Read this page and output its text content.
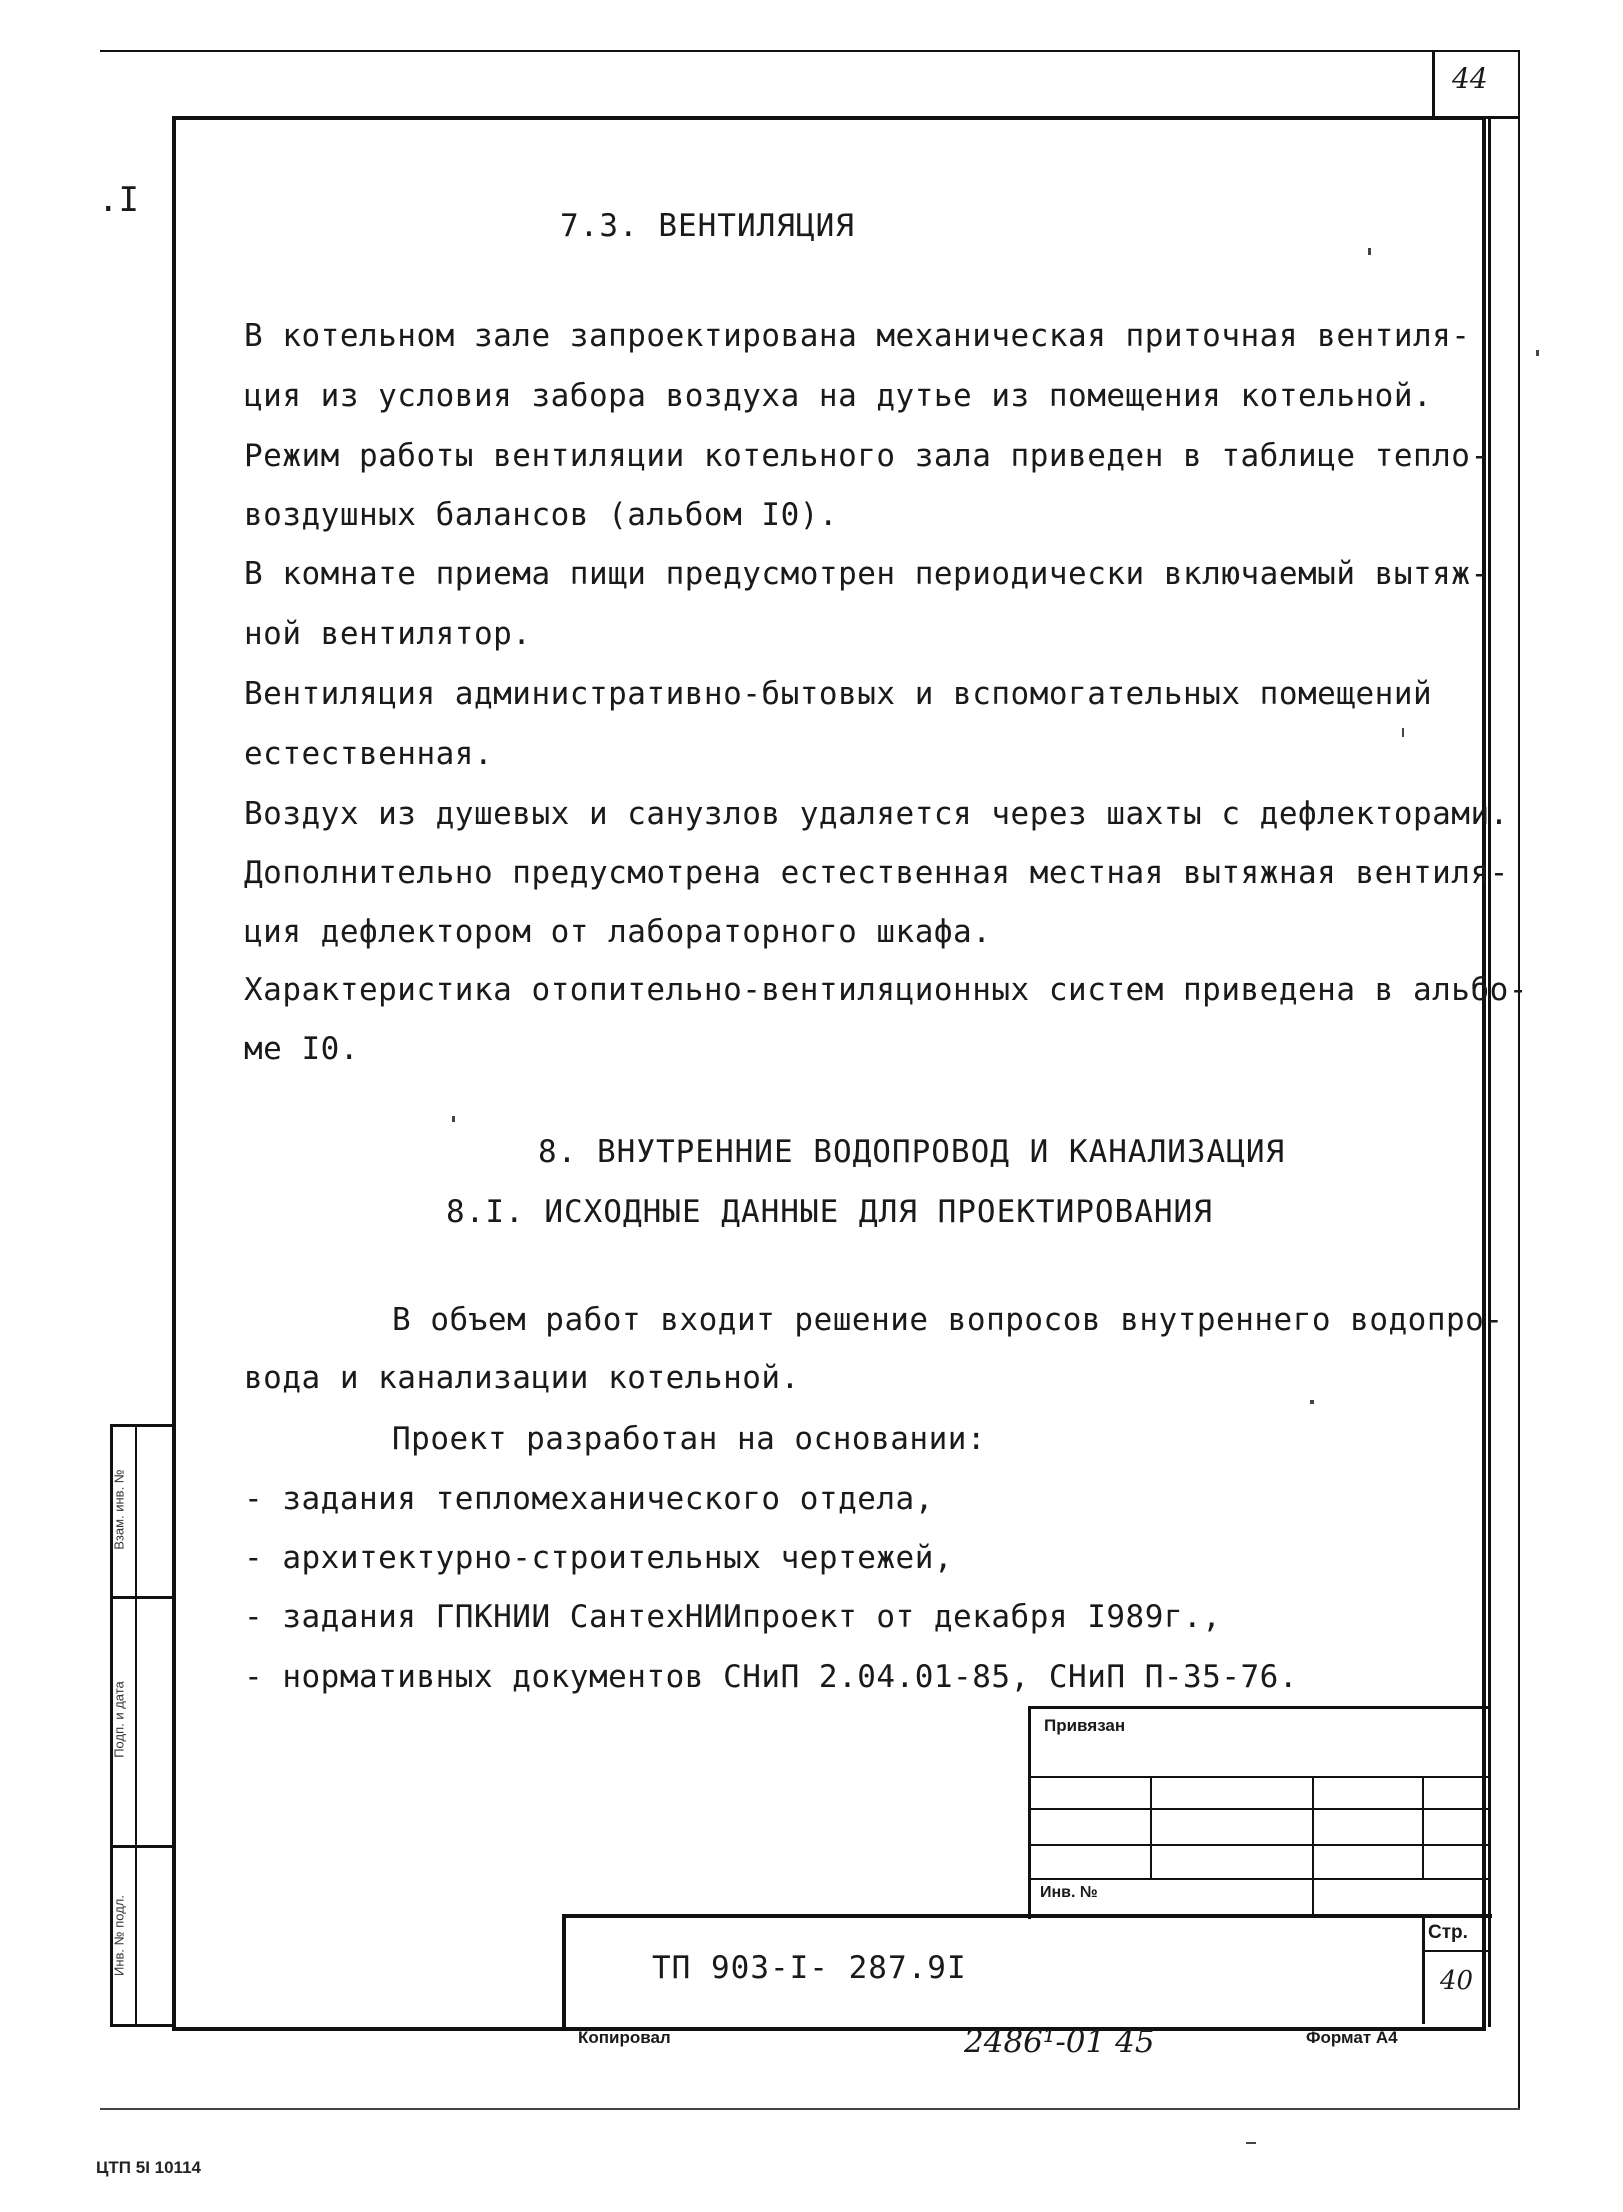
44
.I
Инв. № подл.
Подп. и дата
Взам. инв. №
7.3. ВЕНТИЛЯЦИЯ
В котельном зале запроектирована механическая приточная вентиля-
ция из условия забора воздуха на дутье из помещения котельной.
Режим работы вентиляции котельного зала приведен в таблице тепло-
воздушных балансов (альбом I0).
В комнате приема пищи предусмотрен периодически включаемый вытяж-
ной вентилятор.
Вентиляция административно-бытовых и вспомогательных помещений
естественная.
Воздух из душевых и санузлов удаляется через шахты с дефлекторами.
Дополнительно предусмотрена естественная местная вытяжная вентиля-
ция дефлектором от лабораторного шкафа.
Характеристика отопительно-вентиляционных систем приведена в альбо-
ме I0.
8. ВНУТРЕННИЕ ВОДОПРОВОД И КАНАЛИЗАЦИЯ
8.I. ИСХОДНЫЕ ДАННЫЕ ДЛЯ ПРОЕКТИРОВАНИЯ
В объем работ входит решение вопросов внутреннего водопро-
вода и канализации котельной.
Проект разработан на основании:
- задания тепломеханического отдела,
- архитектурно-строительных чертежей,
- задания ГПКНИИ СантехНИИпроект от декабря I989г.,
- нормативных документов СНиП 2.04.01-85, СНиП П-35-76.
Привязан
Инв. №
ТП 903-I- 287.9I
Стр.
40
Копировал	2486¹-01 45	Формат А4
ЦТП 5I 10114
